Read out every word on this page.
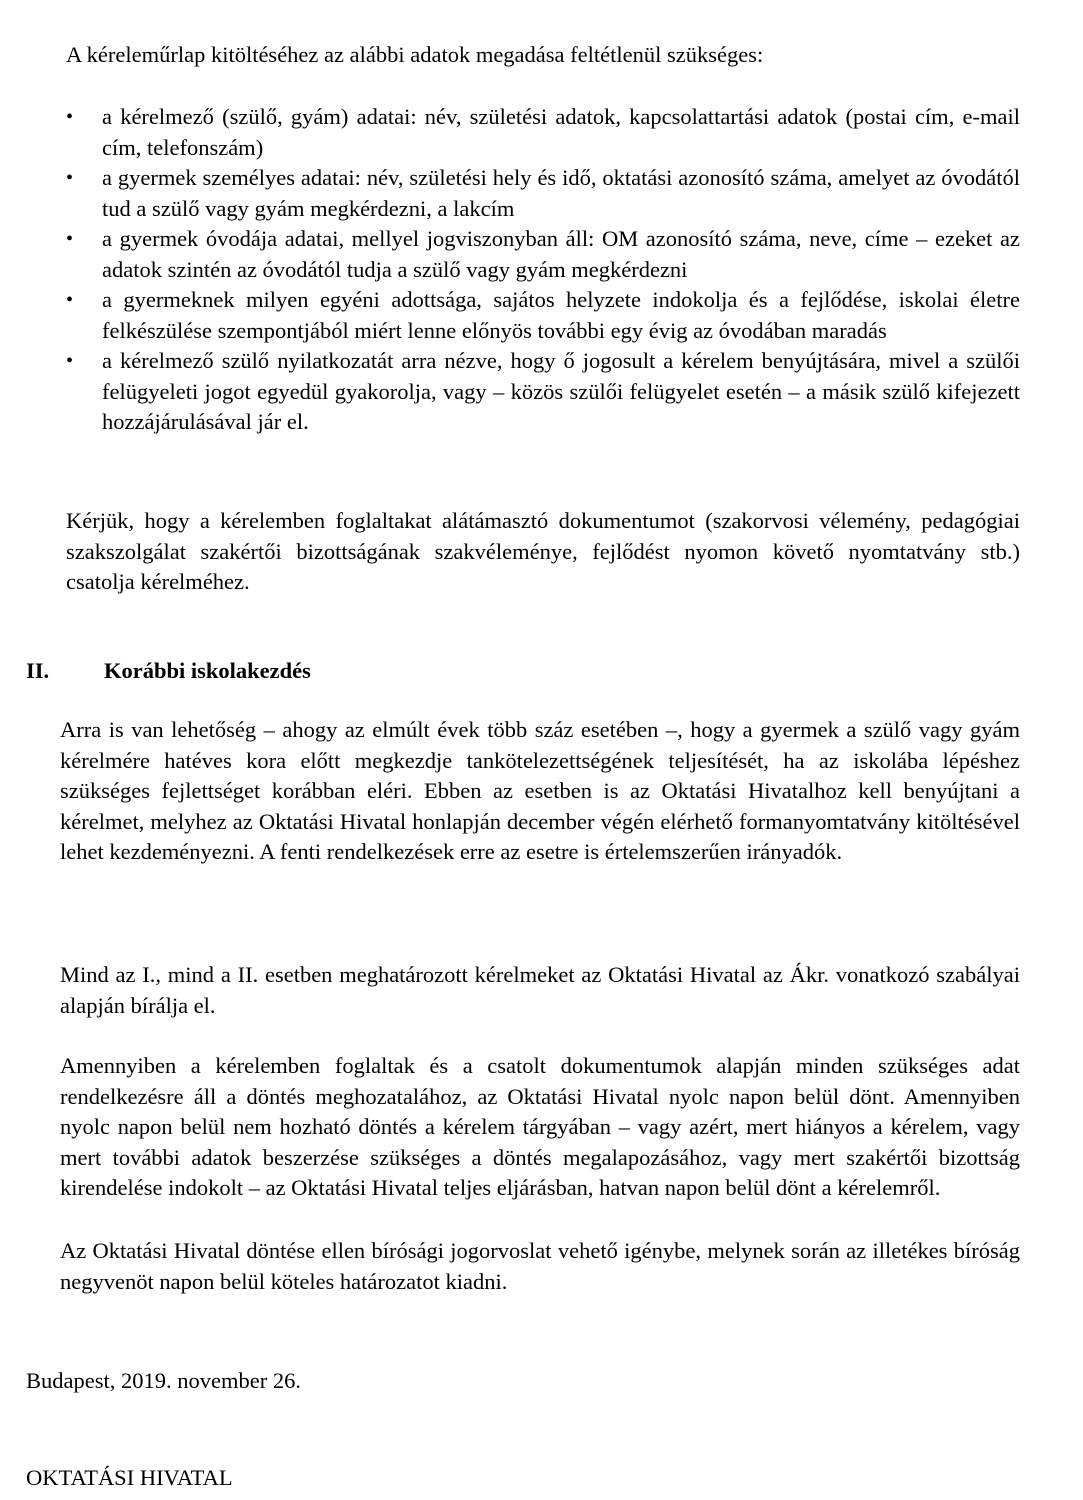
A kéreleműrlap kitöltéséhez az alábbi adatok megadása feltétlenül szükséges:

•	a kérelmező (szülő, gyám) adatai: név, születési adatok, kapcsolattartási adatok (postai cím, e-mail cím, telefonszám)
•	a gyermek személyes adatai: név, születési hely és idő, oktatási azonosító száma, amelyet az óvodától tud a szülő vagy gyám megkérdezni, a lakcím
•	a gyermek óvodája adatai, mellyel jogviszonyban áll: OM azonosító száma, neve, címe – ezeket az adatok szintén az óvodától tudja a szülő vagy gyám megkérdezni
•	a gyermeknek milyen egyéni adottsága, sajátos helyzete indokolja és a fejlődése, iskolai életre felkészülése szempontjából miért lenne előnyös további egy évig az óvodában maradás
•	a kérelmező szülő nyilatkozatát arra nézve, hogy ő jogosult a kérelem benyújtására, mivel a szülői felügyeleti jogot egyedül gyakorolja, vagy – közös szülői felügyelet esetén – a másik szülő kifejezett hozzájárulásával jár el.

Kérjük, hogy a kérelemben foglaltakat alátámasztó dokumentumot (szakorvosi vélemény, pedagógiai szakszolgálat szakértői bizottságának szakvéleménye, fejlődést nyomon követő nyomtatvány stb.) csatolja kérelméhez.

II. Korábbi iskolakezdés

Arra is van lehetőség – ahogy az elmúlt évek több száz esetében –, hogy a gyermek a szülő vagy gyám kérelmére hatéves kora előtt megkezdje tankötelezettségének teljesítését, ha az iskolába lépéshez szükséges fejlettséget korábban eléri. Ebben az esetben is az Oktatási Hivatalhoz kell benyújtani a kérelmet, melyhez az Oktatási Hivatal honlapján december végén elérhető formanyomtatvány kitöltésével lehet kezdeményezni. A fenti rendelkezések erre az esetre is értelemszerűen irányadók.

Mind az I., mind a II. esetben meghatározott kérelmeket az Oktatási Hivatal az Ákr. vonatkozó szabályai alapján bírálja el.

Amennyiben a kérelemben foglaltak és a csatolt dokumentumok alapján minden szükséges adat rendelkezésre áll a döntés meghozatalához, az Oktatási Hivatal nyolc napon belül dönt. Amennyiben nyolc napon belül nem hozható döntés a kérelem tárgyában – vagy azért, mert hiányos a kérelem, vagy mert további adatok beszerzése szükséges a döntés megalapozásához, vagy mert szakértői bizottság kirendelése indokolt – az Oktatási Hivatal teljes eljárásban, hatvan napon belül dönt a kérelemről.

Az Oktatási Hivatal döntése ellen bírósági jogorvoslat vehető igénybe, melynek során az illetékes bíróság negyvenöt napon belül köteles határozatot kiadni.

Budapest, 2019. november 26.

OKTATÁSI HIVATAL
